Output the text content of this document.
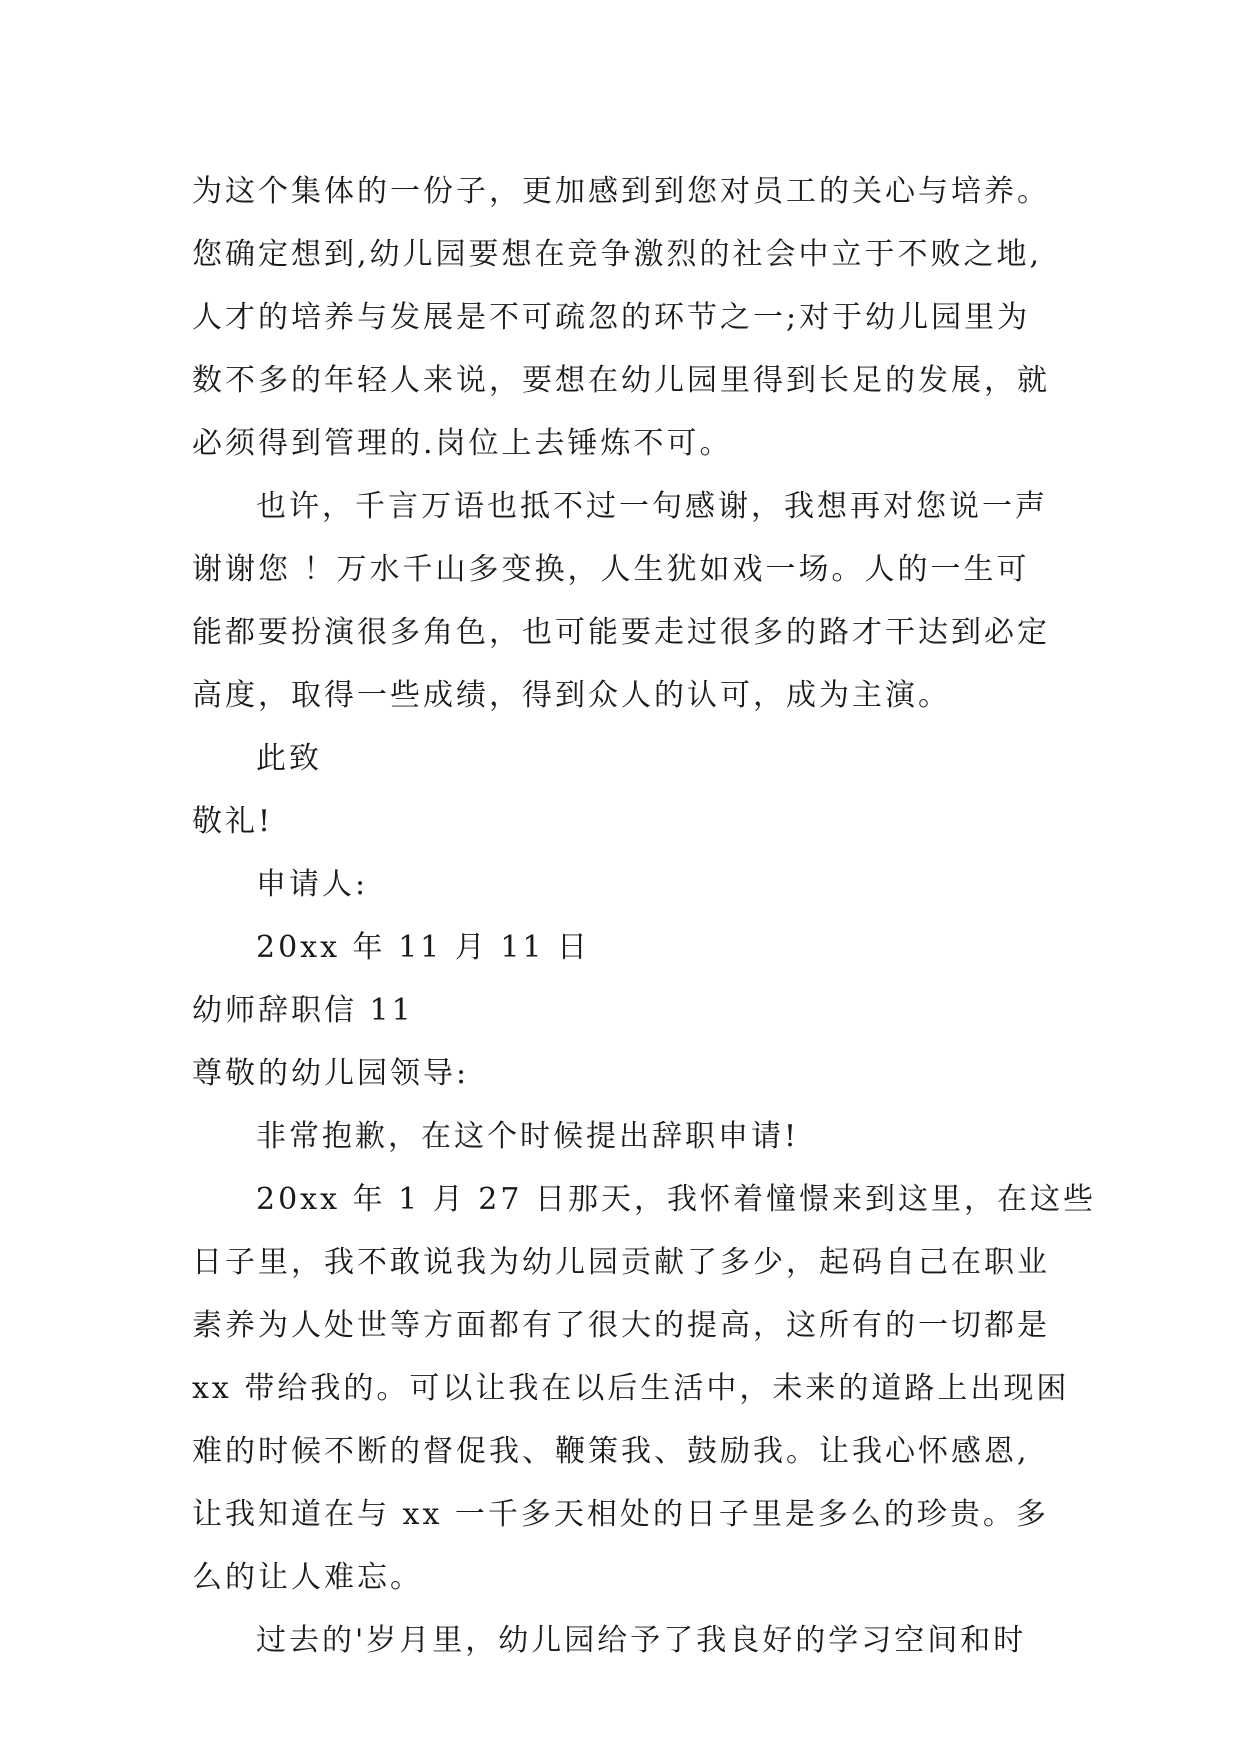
为这个集体的一份子，更加感到到您对员工的关心与培养。
您确定想到,幼儿园要想在竞争激烈的社会中立于不败之地,
人才的培养与发展是不可疏忽的环节之一;对于幼儿园里为
数不多的年轻人来说，要想在幼儿园里得到长足的发展，就
必须得到管理的.岗位上去锤炼不可。
也许，千言万语也抵不过一句感谢，我想再对您说一声
谢谢您 ！万水千山多变换，人生犹如戏一场。人的一生可
能都要扮演很多角色，也可能要走过很多的路才干达到必定
高度，取得一些成绩，得到众人的认可，成为主演。
此致
敬礼!
申请人:
20xx 年 11 月 11 日
幼师辞职信 11
尊敬的幼儿园领导:
非常抱歉，在这个时候提出辞职申请!
20xx 年 1 月 27 日那天，我怀着憧憬来到这里，在这些
日子里，我不敢说我为幼儿园贡献了多少，起码自己在职业
素养为人处世等方面都有了很大的提高，这所有的一切都是
xx 带给我的。可以让我在以后生活中，未来的道路上出现困
难的时候不断的督促我、鞭策我、鼓励我。让我心怀感恩,
让我知道在与 xx 一千多天相处的日子里是多么的珍贵。多
么的让人难忘。
过去的'岁月里，幼儿园给予了我良好的学习空间和时
